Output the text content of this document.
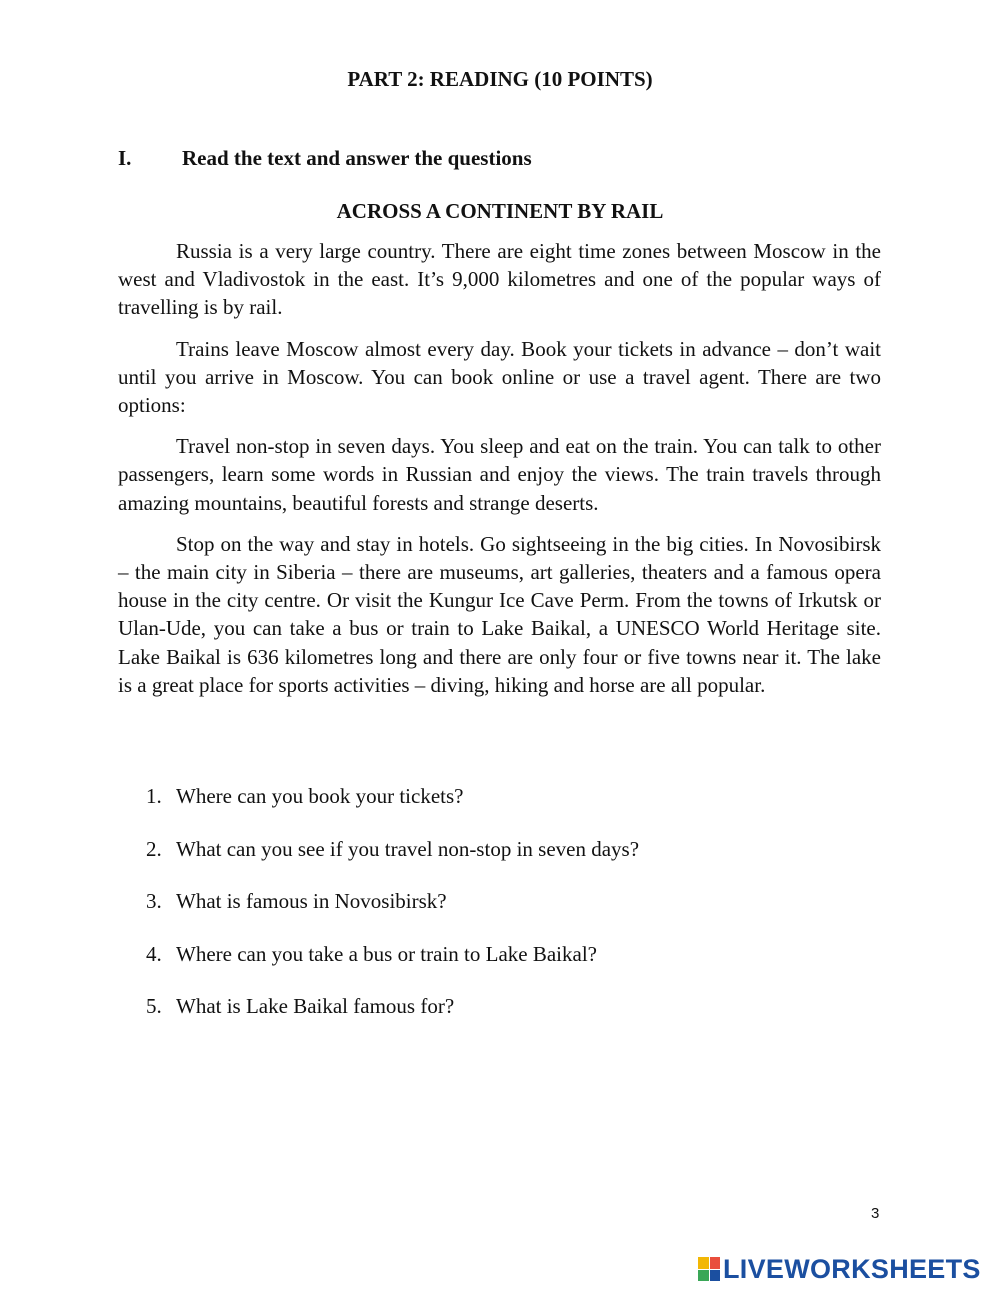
PART 2: READING (10 POINTS)
I. Read the text and answer the questions
ACROSS A CONTINENT BY RAIL

Russia is a very large country. There are eight time zones between Moscow in the west and Vladivostok in the east. It’s 9,000 kilometres and one of the popular ways of travelling is by rail.

Trains leave Moscow almost every day. Book your tickets in advance – don’t wait until you arrive in Moscow. You can book online or use a travel agent. There are two options:

Travel non-stop in seven days. You sleep and eat on the train. You can talk to other passengers, learn some words in Russian and enjoy the views. The train travels through amazing mountains, beautiful forests and strange deserts.

Stop on the way and stay in hotels. Go sightseeing in the big cities. In Novosibirsk – the main city in Siberia – there are museums, art galleries, theaters and a famous opera house in the city centre. Or visit the Kungur Ice Cave Perm. From the towns of Irkutsk or Ulan-Ude, you can take a bus or train to Lake Baikal, a UNESCO World Heritage site. Lake Baikal is 636 kilometres long and there are only four or five towns near it. The lake is a great place for sports activities – diving, hiking and horse are all popular.

1. Where can you book your tickets?
2. What can you see if you travel non-stop in seven days?
3. What is famous in Novosibirsk?
4. Where can you take a bus or train to Lake Baikal?
5. What is Lake Baikal famous for?
3
LIVEWORKSHEETS
